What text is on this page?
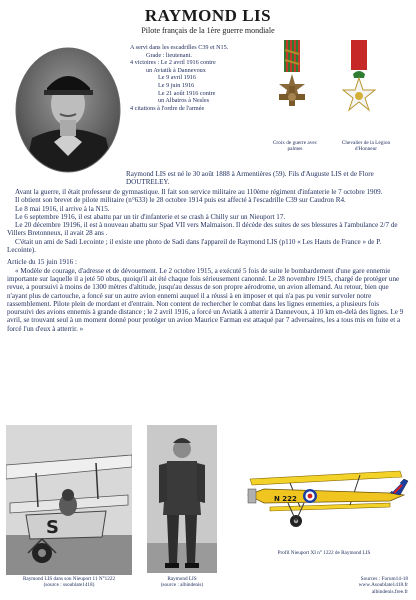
RAYMOND LIS
Pilote français de la 1ère guerre mondiale
A servi dans les escadrilles C39 et N15.
Grade : lieutenant.
4 victoires : Le 2 avril 1916 contre
un Aviatik à Dannevoux
Le 9 avril 1916
Le 9 juin 1916
Le 21 août 1916 contre
un Albatros à Nesles
4 citations à l'ordre de l'armée
Croix de guerre avec palmes
Chevalier de la Légion d'Honneur
Raymond LIS est né le 30 août 1888 à Armentières (59). Fils d'Auguste LIS et de Flore DOUTRELEY.

Avant la guerre, il était professeur de gymnastique. Il fait son service militaire au 110ème régiment d'infanterie le 7 octobre 1909.

Il obtient son brevet de pilote militaire (n°633) le 28 octobre 1914 puis est affecté à l'escadrille C39 sur Caudron R4.

Le 8 mai 1916, il arrive à la N15.

Le 6 septembre 1916, il est abattu par un tir d'infanterie et se crash à Chilly sur un Nieuport 17.

Le 20 décembre 19196, il est à nouveau abattu sur Spad VII vers Malmaison. Il décède des suites de ses blessures à l'ambulance 2/7 de Villers Bretonneux, il avait 28 ans .

C'était un ami de Sadi Lecointe ; il existe une photo de Sadi dans l'appareil de Raymond LIS (p110 « Les Hauts de France » de P. Lecointe).

Article du 15 juin 1916 :

« Modèle de courage, d'adresse et de dévouement. Le 2 octobre 1915, a exécuté 5 fois de suite le bombardement d'une gare ennemie importante sur laquelle il a jeté 50 obus, quoiqu'il ait été chaque fois sérieusement canonné. Le 28 novembre 1915, chargé de protéger une revue, a poursuivi à moins de 1300 mètres d'altitude, jusqu'au dessus de son propre aérodrome, un avion allemand. Au retour, bien que n'ayant plus de cartouche, a foncé sur un autre avion ennemi auquel il a réussi à en imposer et qui n'a pas pu venir survoler notre rassemblement. Pilote plein de mordant et d'entrain. Non content de rechercher le combat dans les lignes ennemies, a plusieurs fois poursuivi des avions ennemis à grande distance ; le 2 avril 1916, a forcé un Aviatik à atterrir à Dannevoux, à 10 km en-delà des lignes. Le 9 avril, se trouvant seul à un moment donné pour protéger un avion Maurice Farman est attaqué par 7 adversaires, les a tous mis en fuite et a forcé l'un d'eux à atterrir. »

S
Raymond LIS dans son Nieuport 11 N°1222
(source : ssoublate1418)
Raymond LIS
(source : albindenis)
N 222
Profil Nieuport XI n° 1222 de Raymond LIS
Sources : Forum14-18
www.Asoublate1418.fr
albindenis.free.fr
